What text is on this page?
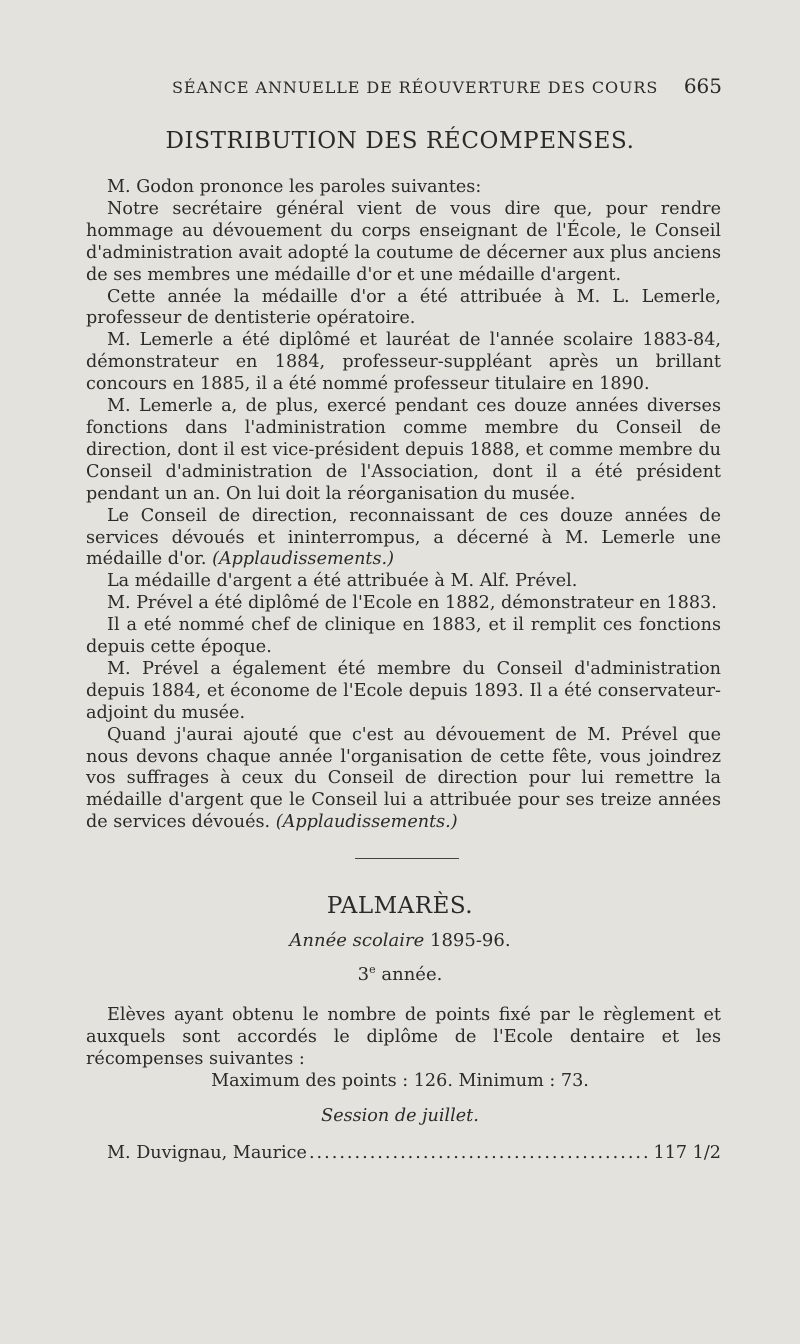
SÉANCE ANNUELLE DE RÉOUVERTURE DES COURS 665
DISTRIBUTION DES RÉCOMPENSES.

M. Godon prononce les paroles suivantes:

Notre secrétaire général vient de vous dire que, pour rendre hommage au dévouement du corps enseignant de l'École, le Conseil d'administration avait adopté la coutume de décerner aux plus anciens de ses membres une médaille d'or et une médaille d'argent.

Cette année la médaille d'or a été attribuée à M. L. Lemerle, professeur de dentisterie opératoire.

M. Lemerle a été diplômé et lauréat de l'année scolaire 1883-84, démonstrateur en 1884, professeur-suppléant après un brillant concours en 1885, il a été nommé professeur titulaire en 1890.

M. Lemerle a, de plus, exercé pendant ces douze années diverses fonctions dans l'administration comme membre du Conseil de direction, dont il est vice-président depuis 1888, et comme membre du Conseil d'administration de l'Association, dont il a été président pendant un an. On lui doit la réorganisation du musée.

Le Conseil de direction, reconnaissant de ces douze années de services dévoués et ininterrompus, a décerné à M. Lemerle une médaille d'or. (Applaudissements.)

La médaille d'argent a été attribuée à M. Alf. Prével.

M. Prével a été diplômé de l'Ecole en 1882, démonstrateur en 1883.

Il a eté nommé chef de clinique en 1883, et il remplit ces fonctions depuis cette époque.

M. Prével a également été membre du Conseil d'administration depuis 1884, et économe de l'Ecole depuis 1893. Il a été conservateur-adjoint du musée.

Quand j'aurai ajouté que c'est au dévouement de M. Prével que nous devons chaque année l'organisation de cette fête, vous joindrez vos suffrages à ceux du Conseil de direction pour lui remettre la médaille d'argent que le Conseil lui a attribuée pour ses treize années de services dévoués. (Applaudissements.)

PALMARÈS.
Année scolaire 1895-96.
3e année.

Elèves ayant obtenu le nombre de points fixé par le règlement et auxquels sont accordés le diplôme de l'Ecole dentaire et les récompenses suivantes :

Maximum des points : 126. Minimum : 73.
Session de juillet.
M. Duvignau, Maurice
.....	117 1/2
